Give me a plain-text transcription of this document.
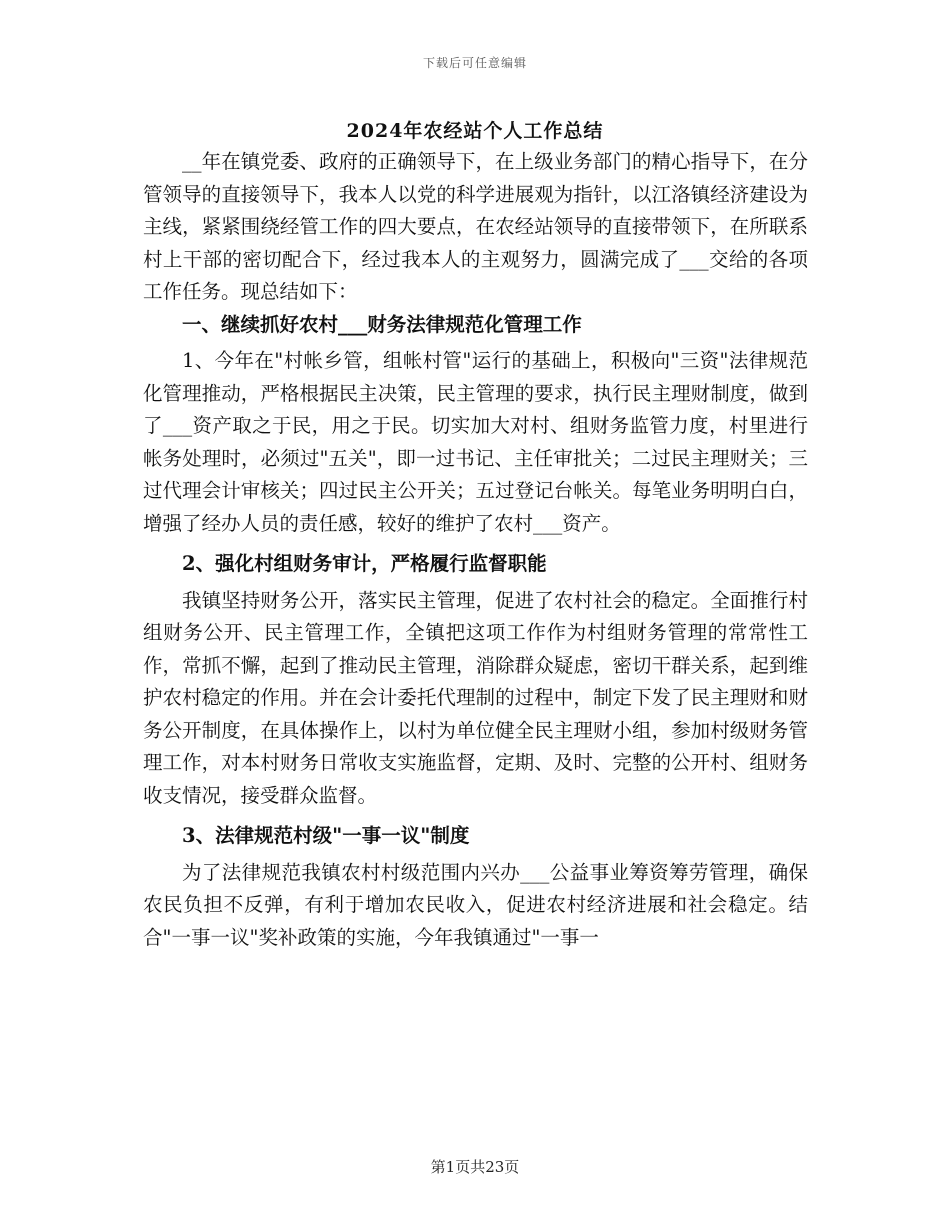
下载后可任意编辑
2024年农经站个人工作总结

__年在镇党委、政府的正确领导下，在上级业务部门的精心指导下，在分管领导的直接领导下，我本人以党的科学进展观为指针，以江洛镇经济建设为主线，紧紧围绕经管工作的四大要点，在农经站领导的直接带领下，在所联系村上干部的密切配合下，经过我本人的主观努力，圆满完成了___交给的各项工作任务。现总结如下：

一、继续抓好农村___财务法律规范化管理工作

1、今年在"村帐乡管，组帐村管"运行的基础上，积极向"三资"法律规范化管理推动，严格根据民主决策，民主管理的要求，执行民主理财制度，做到了___资产取之于民，用之于民。切实加大对村、组财务监管力度，村里进行帐务处理时，必须过"五关"，即一过书记、主任审批关；二过民主理财关；三过代理会计审核关；四过民主公开关；五过登记台帐关。每笔业务明明白白，增强了经办人员的责任感，较好的维护了农村___资产。

2、强化村组财务审计，严格履行监督职能

我镇坚持财务公开，落实民主管理，促进了农村社会的稳定。全面推行村组财务公开、民主管理工作，全镇把这项工作作为村组财务管理的常常性工作，常抓不懈，起到了推动民主管理，消除群众疑虑，密切干群关系，起到维护农村稳定的作用。并在会计委托代理制的过程中，制定下发了民主理财和财务公开制度，在具体操作上，以村为单位健全民主理财小组，参加村级财务管理工作，对本村财务日常收支实施监督，定期、及时、完整的公开村、组财务收支情况，接受群众监督。

3、法律规范村级"一事一议"制度

为了法律规范我镇农村村级范围内兴办___公益事业筹资筹劳管理，确保农民负担不反弹，有利于增加农民收入，促进农村经济进展和社会稳定。结合"一事一议"奖补政策的实施，今年我镇通过"一事一

第1页共23页
